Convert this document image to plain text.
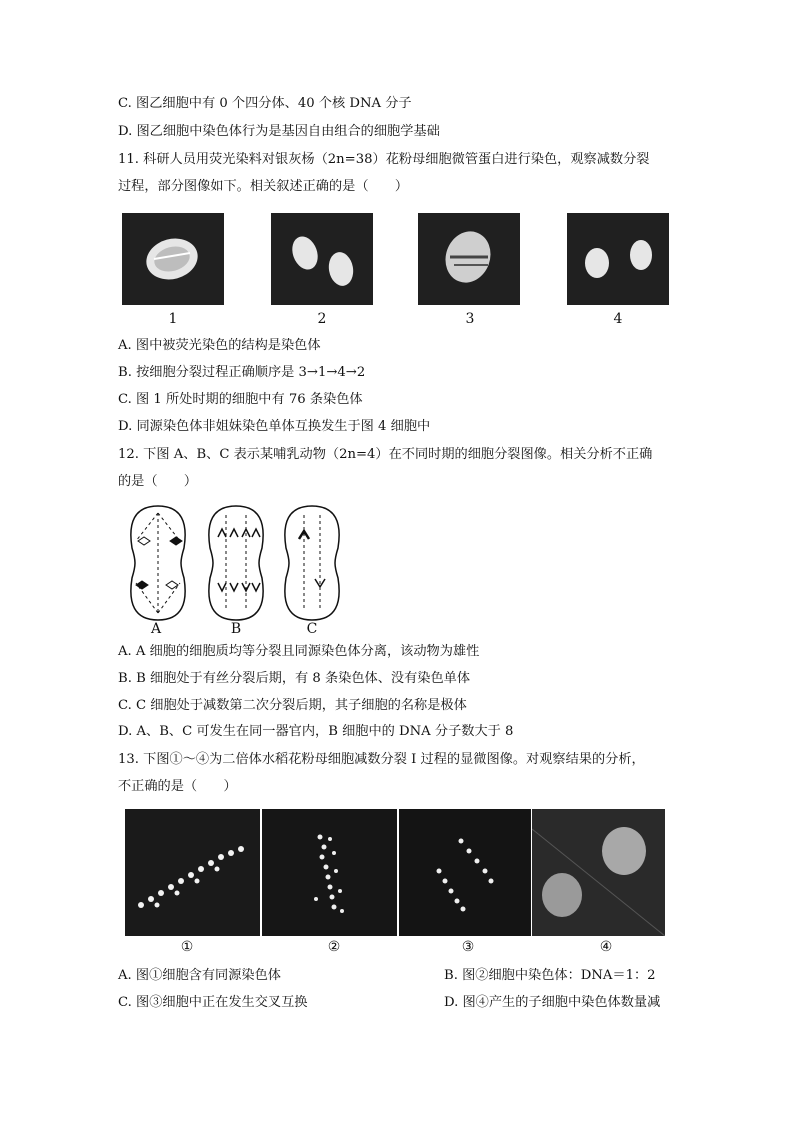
C. 图乙细胞中有 0 个四分体、40 个核 DNA 分子
D. 图乙细胞中染色体行为是基因自由组合的细胞学基础
11. 科研人员用荧光染料对银灰杨（2n=38）花粉母细胞微管蛋白进行染色，观察减数分裂
过程，部分图像如下。相关叙述正确的是（　　）
1	2	3	4
A. 图中被荧光染色的结构是染色体
B. 按细胞分裂过程正确顺序是 3→1→4→2
C. 图 1 所处时期的细胞中有 76 条染色体
D. 同源染色体非姐妹染色单体互换发生于图 4 细胞中
12. 下图 A、B、C 表示某哺乳动物（2n=4）在不同时期的细胞分裂图像。相关分析不正确
的是（　　）
A	B	C
A. A 细胞的细胞质均等分裂且同源染色体分离，该动物为雄性
B. B 细胞处于有丝分裂后期，有 8 条染色体、没有染色单体
C. C 细胞处于减数第二次分裂后期，其子细胞的名称是极体
D. A、B、C 可发生在同一器官内，B 细胞中的 DNA 分子数大于 8
13. 下图①～④为二倍体水稻花粉母细胞减数分裂 I 过程的显微图像。对观察结果的分析，
不正确的是（　　）
①	②	③	④
A. 图①细胞含有同源染色体	B. 图②细胞中染色体：DNA＝1：2
C. 图③细胞中正在发生交叉互换	D. 图④产生的子细胞中染色体数量减
